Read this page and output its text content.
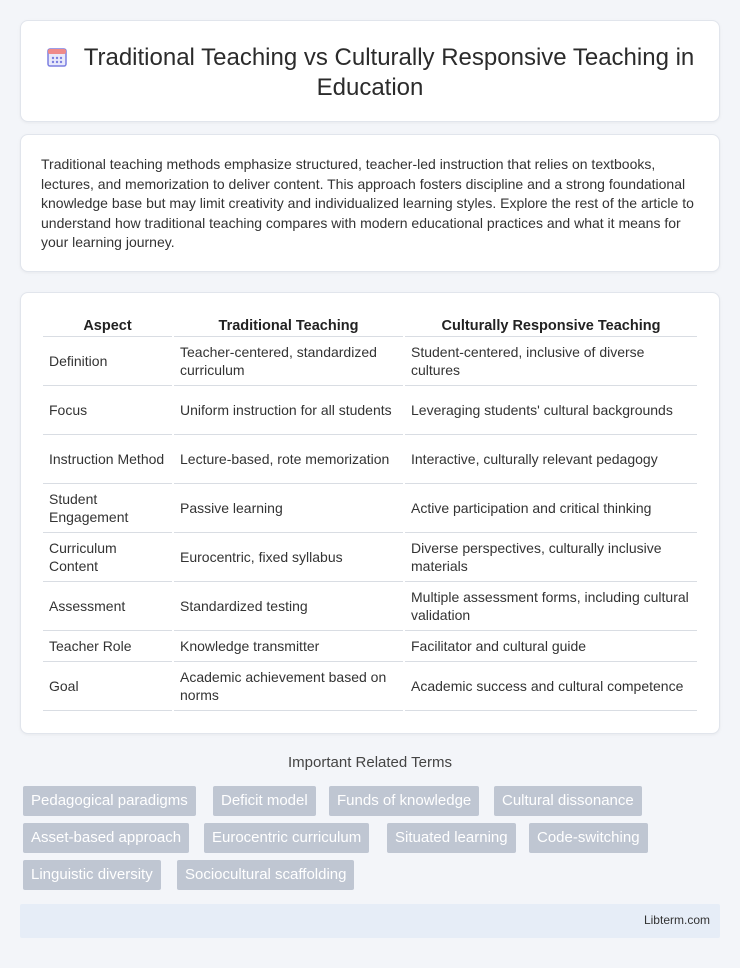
Traditional Teaching vs Culturally Responsive Teaching in Education

Traditional teaching methods emphasize structured, teacher-led instruction that relies on textbooks, lectures, and memorization to deliver content. This approach fosters discipline and a strong foundational knowledge base but may limit creativity and individualized learning styles. Explore the rest of the article to understand how traditional teaching compares with modern educational practices and what it means for your learning journey.

Aspect	Traditional Teaching	Culturally Responsive Teaching
Definition	Teacher-centered, standardized curriculum	Student-centered, inclusive of diverse cultures
Focus	Uniform instruction for all students	Leveraging students' cultural backgrounds
Instruction Method	Lecture-based, rote memorization	Interactive, culturally relevant pedagogy
Student Engagement	Passive learning	Active participation and critical thinking
Curriculum Content	Eurocentric, fixed syllabus	Diverse perspectives, culturally inclusive materials
Assessment	Standardized testing	Multiple assessment forms, including cultural validation
Teacher Role	Knowledge transmitter	Facilitator and cultural guide
Goal	Academic achievement based on norms	Academic success and cultural competence
Important Related Terms
Pedagogical paradigms	Deficit model	Funds of knowledge	Cultural dissonance
Asset-based approach	Eurocentric curriculum	Situated learning	Code-switching
Linguistic diversity	Sociocultural scaffolding
Libterm.com
